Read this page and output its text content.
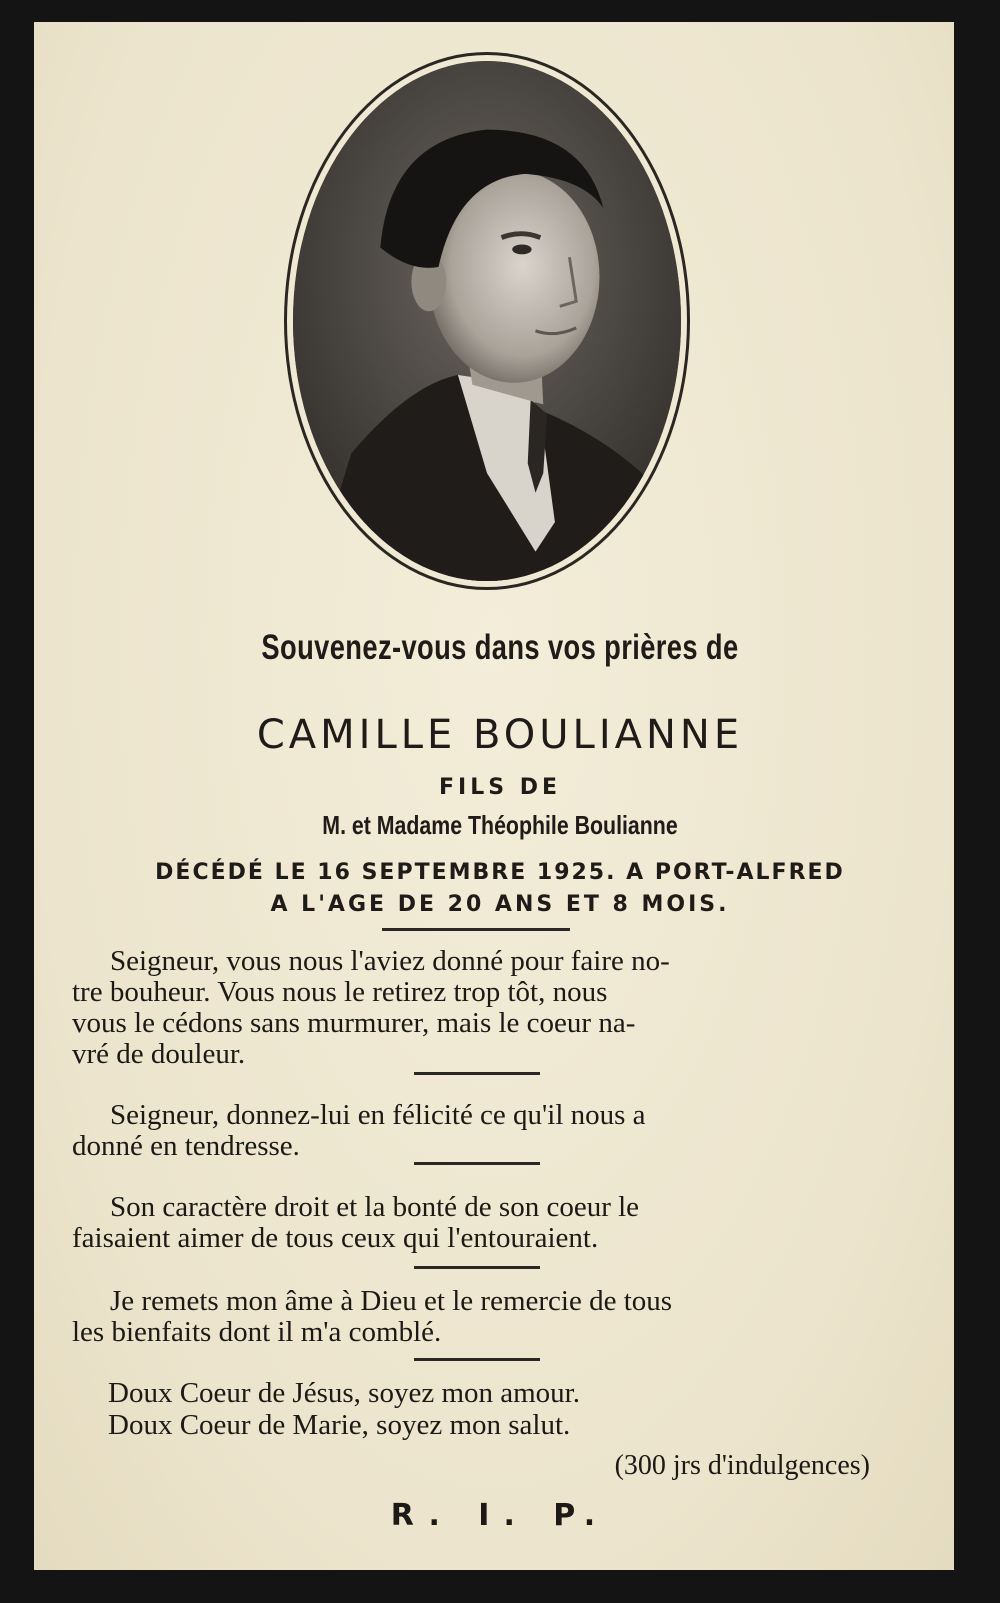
Souvenez-vous dans vos prières de
CAMILLE BOULIANNE
FILS DE
M. et Madame Théophile Boulianne
DÉCÉDÉ LE 16 SEPTEMBRE 1925. A PORT-ALFRED
A L'AGE DE 20 ANS ET 8 MOIS.
Seigneur, vous nous l'aviez donné pour faire no-
tre bouheur. Vous nous le retirez trop tôt, nous
vous le cédons sans murmurer, mais le coeur na-
vré de douleur.
Seigneur, donnez-lui en félicité ce qu'il nous a
donné en tendresse.
Son caractère droit et la bonté de son coeur le
faisaient aimer de tous ceux qui l'entouraient.
Je remets mon âme à Dieu et le remercie de tous
les bienfaits dont il m'a comblé.
Doux Coeur de Jésus, soyez mon amour.
Doux Coeur de Marie, soyez mon salut.
(300 jrs d'indulgences)
R. I. P.
